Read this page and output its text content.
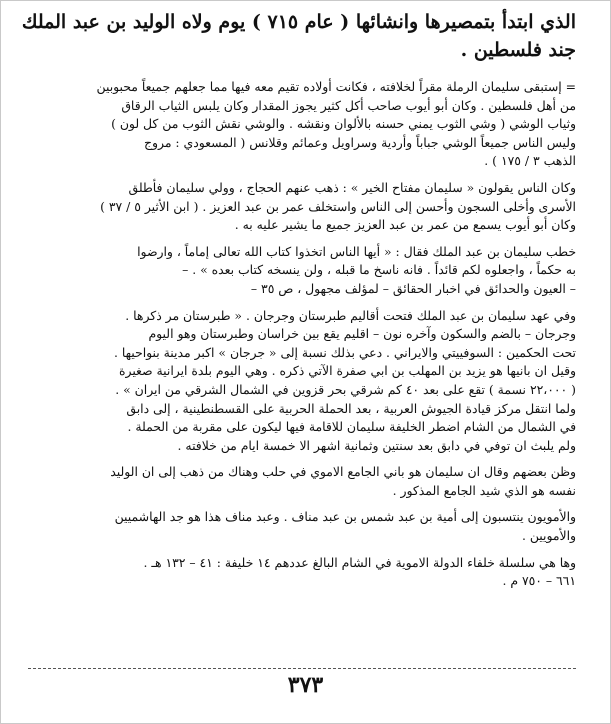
الذي ابتدأ بتمصيرها وانشائها ( عام ٧١٥ ) يوم ولاه الوليد بن عبد الملك
جند فلسطين .
= إستبقى سليمان الرملة مقراً لخلافته ، فكانت أولاده تقيم معه فيها مما جعلهم جميعاً محبوبين
من أهل فلسطين . وكان أبو أيوب صاحب أكل كثير يجوز المقدار وكان يلبس الثياب الرقاق
وثياب الوشي ( وشي الثوب يمني حسنه بالألوان ونقشه . والوشي نقش الثوب من كل لون )
وليس الناس جميعاً الوشي جباباً وأردية وسراويل وعمائم وقلانس ( المسعودي : مروج
الذهب ٣ / ١٧٥ ) .
وكان الناس يقولون « سليمان مفتاح الخير » : ذهب عنهم الحجاج ، وولي سليمان فأطلق
الأسرى وأخلى السجون وأحسن إلى الناس واستخلف عمر بن عبد العزيز . ( ابن الأثير ٥ / ٣٧ )
وكان أبو أيوب يسمع من عمر بن عبد العزيز جميع ما يشير عليه به .
خطب سليمان بن عبد الملك فقال : « أيها الناس اتخذوا كتاب الله تعالى إماماً ، وارضوا
به حكماً ، واجعلوه لكم قائداً . فانه ناسخ ما قبله ، ولن ينسخه كتاب بعده » . –
– العيون والحدائق في اخبار الحقائق – لمؤلف مجهول ، ص ٣٥ –
وفي عهد سليمان بن عبد الملك فتحت أقاليم طبرستان وجرجان . « طبرستان مر ذكرها .
وجرجان – بالضم والسكون وآخره نون – اقليم يقع بين خراسان وطبرستان وهو اليوم
تحت الحكمين : السوفييتي والايراني . دعي بذلك نسبة إلى « جرجان » اكبر مدينة بنواحيها .
وقيل ان بانيها هو يزيد بن المهلب بن ابي صفرة الآتي ذكره . وهي اليوم بلدة ايرانية صغيرة
( ٢٢،٠٠٠ نسمة ) تقع على بعد ٤٠ كم شرقي بحر قزوين في الشمال الشرقي من ايران » .
ولما انتقل مركز قيادة الجيوش العربية ، بعد الحملة الحربية على القسطنطينية ، إلى دابق
في الشمال من الشام اضطر الخليفة سليمان للاقامة فيها ليكون على مقربة من الحملة .
ولم يلبث ان توفي في دابق بعد سنتين وثمانية اشهر الا خمسة ايام من خلافته .
وظن بعضهم وقال ان سليمان هو باني الجامع الاموي في حلب وهناك من ذهب إلى ان الوليد
نفسه هو الذي شيد الجامع المذكور .
والأمويون ينتسبون إلى أمية بن عبد شمس بن عبد مناف . وعبد مناف هذا هو جد الهاشميين
والأمويين .
وها هي سلسلة خلفاء الدولة الاموية في الشام البالغ عددهم ١٤ خليفة : ٤١ – ١٣٢ هـ .
٦٦١ – ٧٥٠ م .
٣٧٣
